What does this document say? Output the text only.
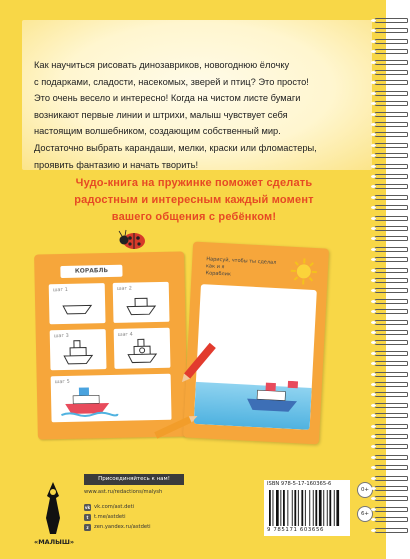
Как научиться рисовать динозавриков, новогоднюю ёлочку
с подарками, сладости, насекомых, зверей и птиц? Это просто!
Это очень весело и интересно! Когда на чистом листе бумаги
возникают первые линии и штрихи, малыш чувствует себя
настоящим волшебником, создающим собственный мир.
Достаточно выбрать карандаши, мелки, краски или фломастеры,
проявить фантазию и начать творить!
Чудо-книга на пружинке поможет сделать
радостным и интересным каждый момент
вашего общения с ребёнком!
КОРАБЛЬ
шаг 1	шаг 2
шаг 3	шаг 4
шаг 5
Нарисуй, чтобы ты сделал как и я
Кораблик
«МАЛЫШ»
Присоединяйтесь к нам!
www.ast.ru/redactions/malysh
vk vk.com/ast.deti
t	t.me/astdeti
z	zen.yandex.ru/astdeti
ISBN 978-5-17-160365-6
9 785171 603656
0+
6+
